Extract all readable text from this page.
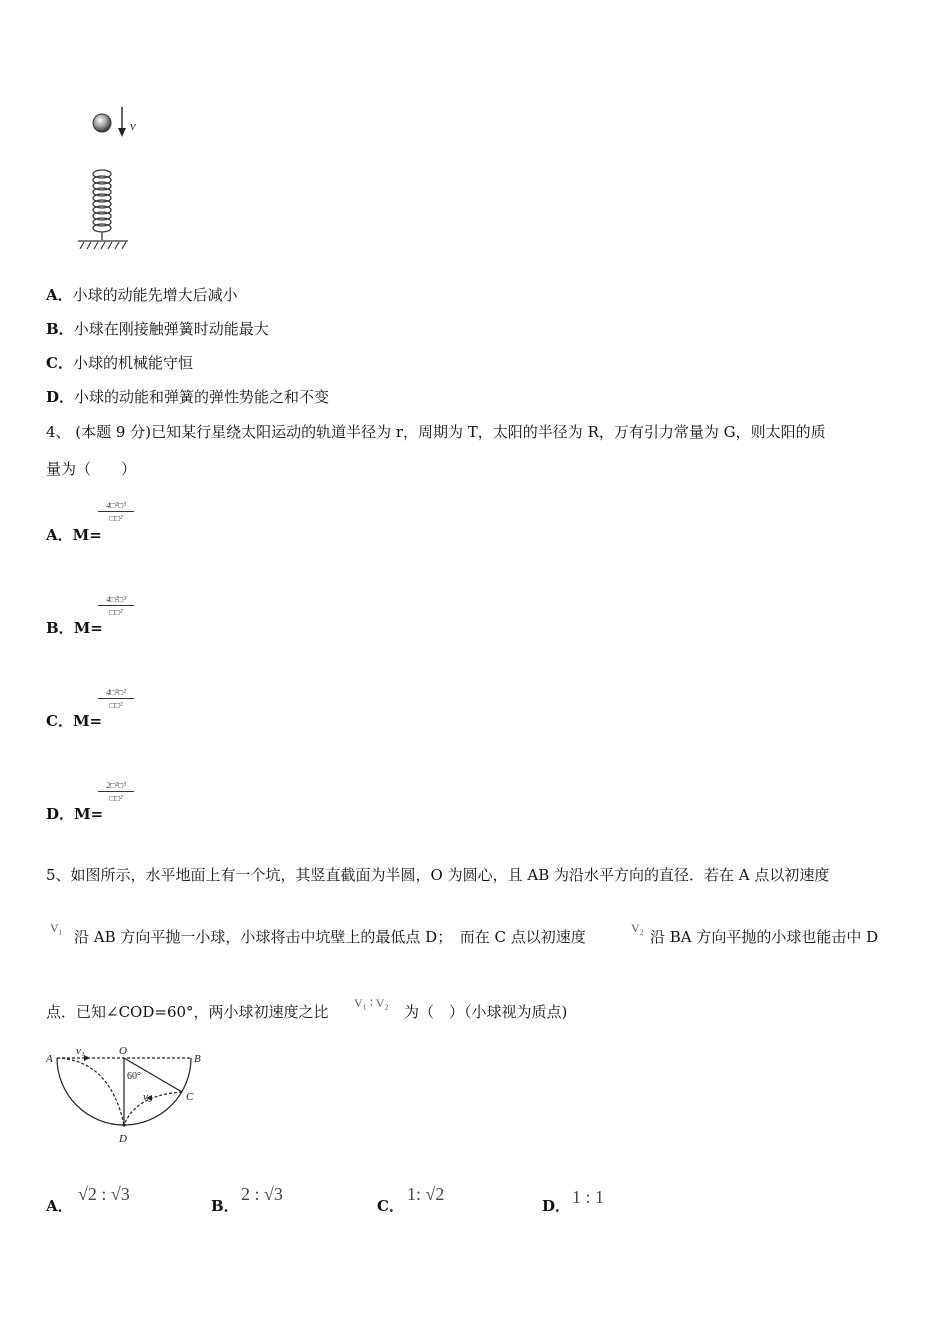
v
A．小球的动能先增大后减小
B．小球在刚接触弹簧时动能最大
C．小球的机械能守恒
D．小球的动能和弹簧的弹性势能之和不变
4、 (本题 9 分)已知某行星绕太阳运动的轨道半径为 r，周期为 T，太阳的半径为 R，万有引力常量为 G，则太阳的质
量为（　　）
A．M=
4□²□³
□□²
B．M=
4□²□³
□□²
C．M=
4□²□²
□□²
D．M=
2□²□³
□□²
5、如图所示，水平地面上有一个坑，其竖直截面为半圆，O 为圆心，且 AB 为沿水平方向的直径．若在 A 点以初速度
V₁ 沿 AB 方向平抛一小球，小球将击中坑壁上的最低点 D；　而在 C 点以初速度	V₂ 沿 BA 方向平抛的小球也能击中 D
点．已知∠COD=60°，两小球初速度之比 V₁ ∶ V₂ 为（　）（小球视为质点)
A	B
O
C
D
v₁
v₂
60°
A．
√2 : √3
B．
2 : √3
C．
1: √2
D． 1 : 1
